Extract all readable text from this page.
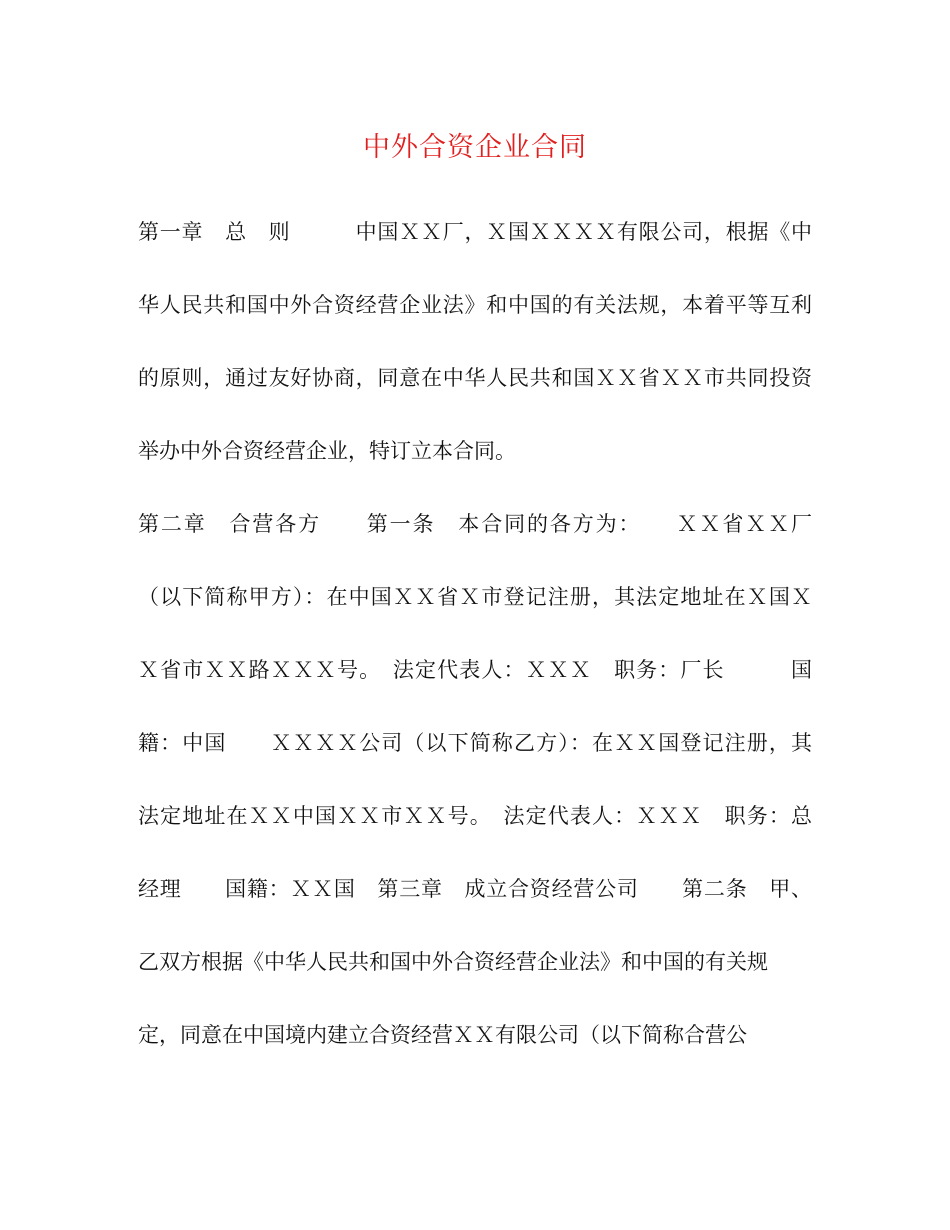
中外合资企业合同
第一章　总　则　　　中国ＸＸ厂，Ｘ国ＸＸＸＸ有限公司，根据《中
华人民共和国中外合资经营企业法》和中国的有关法规，本着平等互利
的原则，通过友好协商，同意在中华人民共和国ＸＸ省ＸＸ市共同投资
举办中外合资经营企业，特订立本合同。
第二章　合营各方　　第一条　本合同的各方为：　　ＸＸ省ＸＸ厂
（以下简称甲方）：在中国ＸＸ省Ｘ市登记注册，其法定地址在Ｘ国Ｘ
Ｘ省市ＸＸ路ＸＸＸ号。　法定代表人：ＸＸＸ　职务：厂长　　　国
籍：中国　　ＸＸＸＸ公司（以下简称乙方）：在ＸＸ国登记注册，其
法定地址在ＸＸ中国ＸＸ市ＸＸ号。　法定代表人：ＸＸＸ　职务：总
经理　　国籍：ＸＸ国　第三章　成立合资经营公司　　第二条　甲、
乙双方根据《中华人民共和国中外合资经营企业法》和中国的有关规
定，同意在中国境内建立合资经营ＸＸ有限公司（以下简称合营公
